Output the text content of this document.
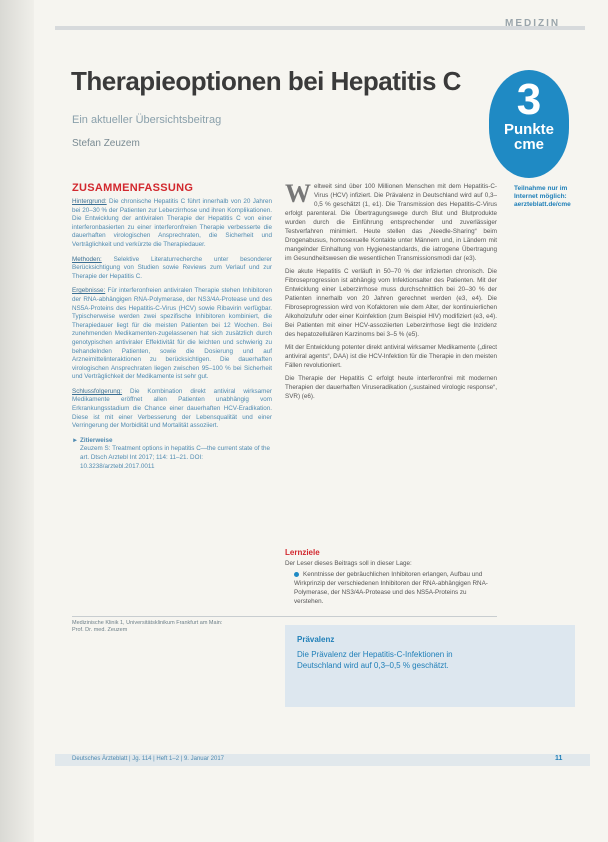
MEDIZIN
Therapieoptionen bei Hepatitis C
Ein aktueller Übersichtsbeitrag
Stefan Zeuzem
3
Punkte
cme
Teilnahme nur im Internet möglich: aerzteblatt.de/cme
ZUSAMMENFASSUNG

Hintergrund: Die chronische Hepatitis C führt innerhalb von 20 Jahren bei 20–30 % der Patienten zur Leberzirrhose und ihren Komplikationen. Die Entwicklung der antiviralen Therapie der Hepatitis C von einer interferonbasierten zu einer interferonfreien Therapie verbesserte die dauerhaften virologischen Ansprechraten, die Sicherheit und Verträglichkeit und verkürzte die Therapiedauer.

Methoden: Selektive Literaturrecherche unter besonderer Berücksichtigung von Studien sowie Reviews zum Verlauf und zur Therapie der Hepatitis C.

Ergebnisse: Für interferonfreien antiviralen Therapie stehen Inhibitoren der RNA-abhängigen RNA-Polymerase, der NS3/4A-Protease und des NS5A-Proteins des Hepatitis-C-Virus (HCV) sowie Ribavirin verfügbar. Typischerweise werden zwei spezifische Inhibitoren kombiniert, die Therapiedauer liegt für die meisten Patienten bei 12 Wochen. Bei zunehmenden Medikamenten-zugelassenen hat sich zusätzlich durch genotypischen antiviraler Effektivität für die leichten und schwierig zu behandelnden Patienten, sowie die Dosierung und auf Arzneimittelinteraktionen zu berücksichtigen. Die dauerhaften virologischen Ansprechraten liegen zwischen 95–100 % bei Sicherheit und Verträglichkeit der Medikamente ist sehr gut.

Schlussfolgerung: Die Kombination direkt antiviral wirksamer Medikamente eröffnet allen Patienten unabhängig vom Erkrankungsstadium die Chance einer dauerhaften HCV-Eradikation. Diese ist mit einer Verbesserung der Lebensqualität und einer Verringerung der Morbidität und Mortalität assoziiert.

► Zitierweise
Zeuzem S: Treatment options in hepatitis C—the current state of the art. Dtsch Arztebl Int 2017; 114: 11–21. DOI: 10.3238/arztebl.2017.0011

Weltweit sind über 100 Millionen Menschen mit dem Hepatitis-C-Virus (HCV) infiziert. Die Prävalenz in Deutschland wird auf 0,3–0,5 % geschätzt (1, e1). Die Transmission des Hepatitis-C-Virus erfolgt parenteral. Die Übertragungswege durch Blut und Blutprodukte wurden durch die Einführung entsprechender und zuverlässiger Testverfahren minimiert. Heute stellen das „Needle-Sharing“ beim Drogenabusus, homosexuelle Kontakte unter Männern und, in Ländern mit mangelnder Einhaltung von Hygienestandards, die iatrogene Übertragung im Gesundheitswesen die wesentlichen Transmissionsmodi dar (e3).

Die akute Hepatitis C verläuft in 50–70 % der infizierten chronisch. Die Fibroseprogression ist abhängig vom Infektionsalter des Patienten. Mit der Entwicklung einer Leberzirrhose muss durchschnittlich bei 20–30 % der Patienten innerhalb von 20 Jahren gerechnet werden (e3, e4). Die Fibroseprogression wird von Kofaktoren wie dem Alter, der kontinuierlichen Alkoholzufuhr oder einer Koinfektion (zum Beispiel HIV) modifiziert (e3, e4). Bei Patienten mit einer HCV-assoziierten Leberzirrhose liegt die Inzidenz des hepatozellulären Karzinoms bei 3–5 % (e5).

Mit der Entwicklung potenter direkt antiviral wirksamer Medikamente („direct antiviral agents“, DAA) ist die HCV-Infektion für die Therapie in den meisten Fällen revolutioniert.

Die Therapie der Hepatitis C erfolgt heute interferonfrei mit modernen Therapien der dauerhaften Viruseradikation („sustained virologic response“, SVR) (e6).

Lernziele
Der Leser dieses Beitrags soll in dieser Lage:
Kenntnisse der gebräuchlichen Inhibitoren erlangen, Aufbau und Wirkprinzip der verschiedenen Inhibitoren der RNA-abhängigen RNA-Polymerase, der NS3/4A-Protease und des NS5A-Proteins zu verstehen.
Medizinische Klinik 1, Universitätsklinikum Frankfurt am Main:
Prof. Dr. med. Zeuzem
Prävalenz
Die Prävalenz der Hepatitis-C-Infektionen in Deutschland wird auf 0,3–0,5 % geschätzt.
Deutsches Ärzteblatt | Jg. 114 | Heft 1–2 | 9. Januar 2017	11
